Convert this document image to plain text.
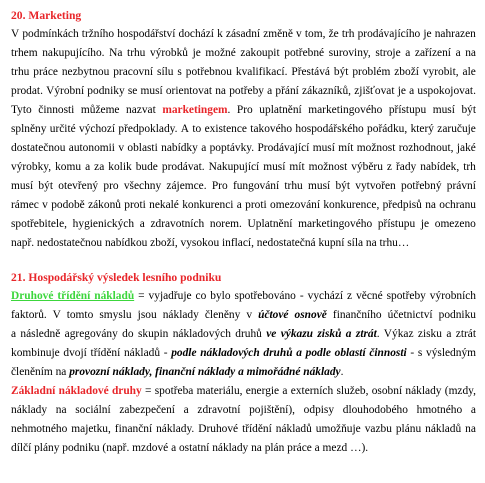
20. Marketing
V podmínkách tržního hospodářství dochází k zásadní změně v tom, že trh prodávajícího je nahrazen
trhem nakupujícího. Na trhu výrobků je možné zakoupit potřebné suroviny, stroje a zařízení a na
trhu práce nezbytnou pracovní sílu s potřebnou kvalifikací. Přestává být problém zboží vyrobit, ale
prodat. Výrobní podniky se musí orientovat na potřeby a přání zákazníků, zjišťovat je a uspokojovat.
Tyto činnosti můžeme nazvat marketingem. Pro uplatnění marketingového přístupu musí být
splněny určité výchozí předpoklady. A to existence takového hospodářského pořádku, který zaručuje
dostatečnou autonomii v oblasti nabídky a poptávky. Prodávající musí mít možnost rozhodnout, jaké
výrobky, komu a za kolik bude prodávat. Nakupující musí mít možnost výběru z řady nabídek, trh
musí být otevřený pro všechny zájemce. Pro fungování trhu musí být vytvořen potřebný právní
rámec v podobě zákonů proti nekalé konkurenci a proti omezování konkurence, předpisů na ochranu
spotřebitele, hygienických a zdravotních norem. Uplatnění marketingového přístupu je omezeno
např. nedostatečnou nabídkou zboží, vysokou inflací, nedostatečná kupní síla na trhu…
21. Hospodářský výsledek lesního podniku
Druhové třídění nákladů = vyjadřuje co bylo spotřebováno - vychází z věcné spotřeby výrobních
faktorů. V tomto smyslu jsou náklady členěny v účtové osnově finančního účetnictví podniku
a následně agregovány do skupin nákladových druhů ve výkazu zisků a ztrát. Výkaz zisku a ztrát
kombinuje dvojí třídění nákladů - podle nákladových druhů a podle oblastí činnosti - s výsledným
členěním na provozní náklady, finanční náklady a mimořádné náklady.
Základní nákladové druhy = spotřeba materiálu, energie a externích služeb, osobní náklady (mzdy,
náklady na sociální zabezpečení a zdravotní pojištění), odpisy dlouhodobého hmotného a
nehmotného majetku, finanční náklady. Druhové třídění nákladů umožňuje vazbu plánu nákladů na
dílčí plány podniku (např. mzdové a ostatní náklady na plán práce a mezd …).
